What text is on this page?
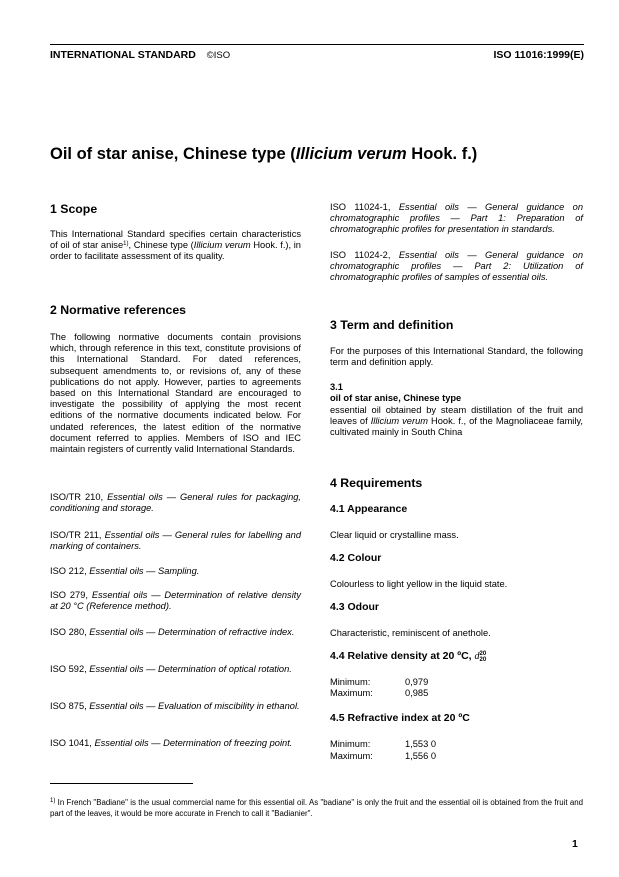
INTERNATIONAL STANDARD ©ISO	ISO 11016:1999(E)
Oil of star anise, Chinese type (Illicium verum Hook. f.)
1 Scope
This International Standard specifies certain characteristics of oil of star anise$^{1)}$, Chinese type (Illicium verum Hook. f.), in order to facilitate assessment of its quality.
2 Normative references
The following normative documents contain provisions which, through reference in this text, constitute provisions of this International Standard. For dated references, subsequent amendments to, or revisions of, any of these publications do not apply. However, parties to agreements based on this International Standard are encouraged to investigate the possibility of applying the most recent editions of the normative documents indicated below. For undated references, the latest edition of the normative document referred to applies. Members of ISO and IEC maintain registers of currently valid International Standards.
ISO/TR 210, Essential oils — General rules for packaging, conditioning and storage.
ISO/TR 211, Essential oils — General rules for labelling and marking of containers.
ISO 212, Essential oils — Sampling.
ISO 279, Essential oils — Determination of relative density at 20 °C (Reference method).
ISO 280, Essential oils — Determination of refractive index.
ISO 592, Essential oils — Determination of optical rotation.
ISO 875, Essential oils — Evaluation of miscibility in ethanol.
ISO 1041, Essential oils — Determination of freezing point.
ISO 11024-1, Essential oils — General guidance on chromatographic profiles — Part 1: Preparation of chromatographic profiles for presentation in standards.
ISO 11024-2, Essential oils — General guidance on chromatographic profiles — Part 2: Utilization of chromatographic profiles of samples of essential oils.
3 Term and definition
For the purposes of this International Standard, the following term and definition apply.
3.1
oil of star anise, Chinese type
essential oil obtained by steam distillation of the fruit and leaves of Illicium verum Hook. f., of the Magnoliaceae family, cultivated mainly in South China
4 Requirements
4.1 Appearance
Clear liquid or crystalline mass.
4.2 Colour
Colourless to light yellow in the liquid state.
4.3 Odour
Characteristic, reminiscent of anethole.
4.4 Relative density at 20 ºC, d20
20
Minimum:	0,979
Maximum:	0,985
4.5 Refractive index at 20 ºC
Minimum:	1,553 0
Maximum:	1,556 0
$^{1)}$ In French "Badiane" is the usual commercial name for this essential oil. As "badiane" is only the fruit and the essential oil is obtained from the fruit and part of the leaves, it would be more accurate in French to call it "Badianier".
1
